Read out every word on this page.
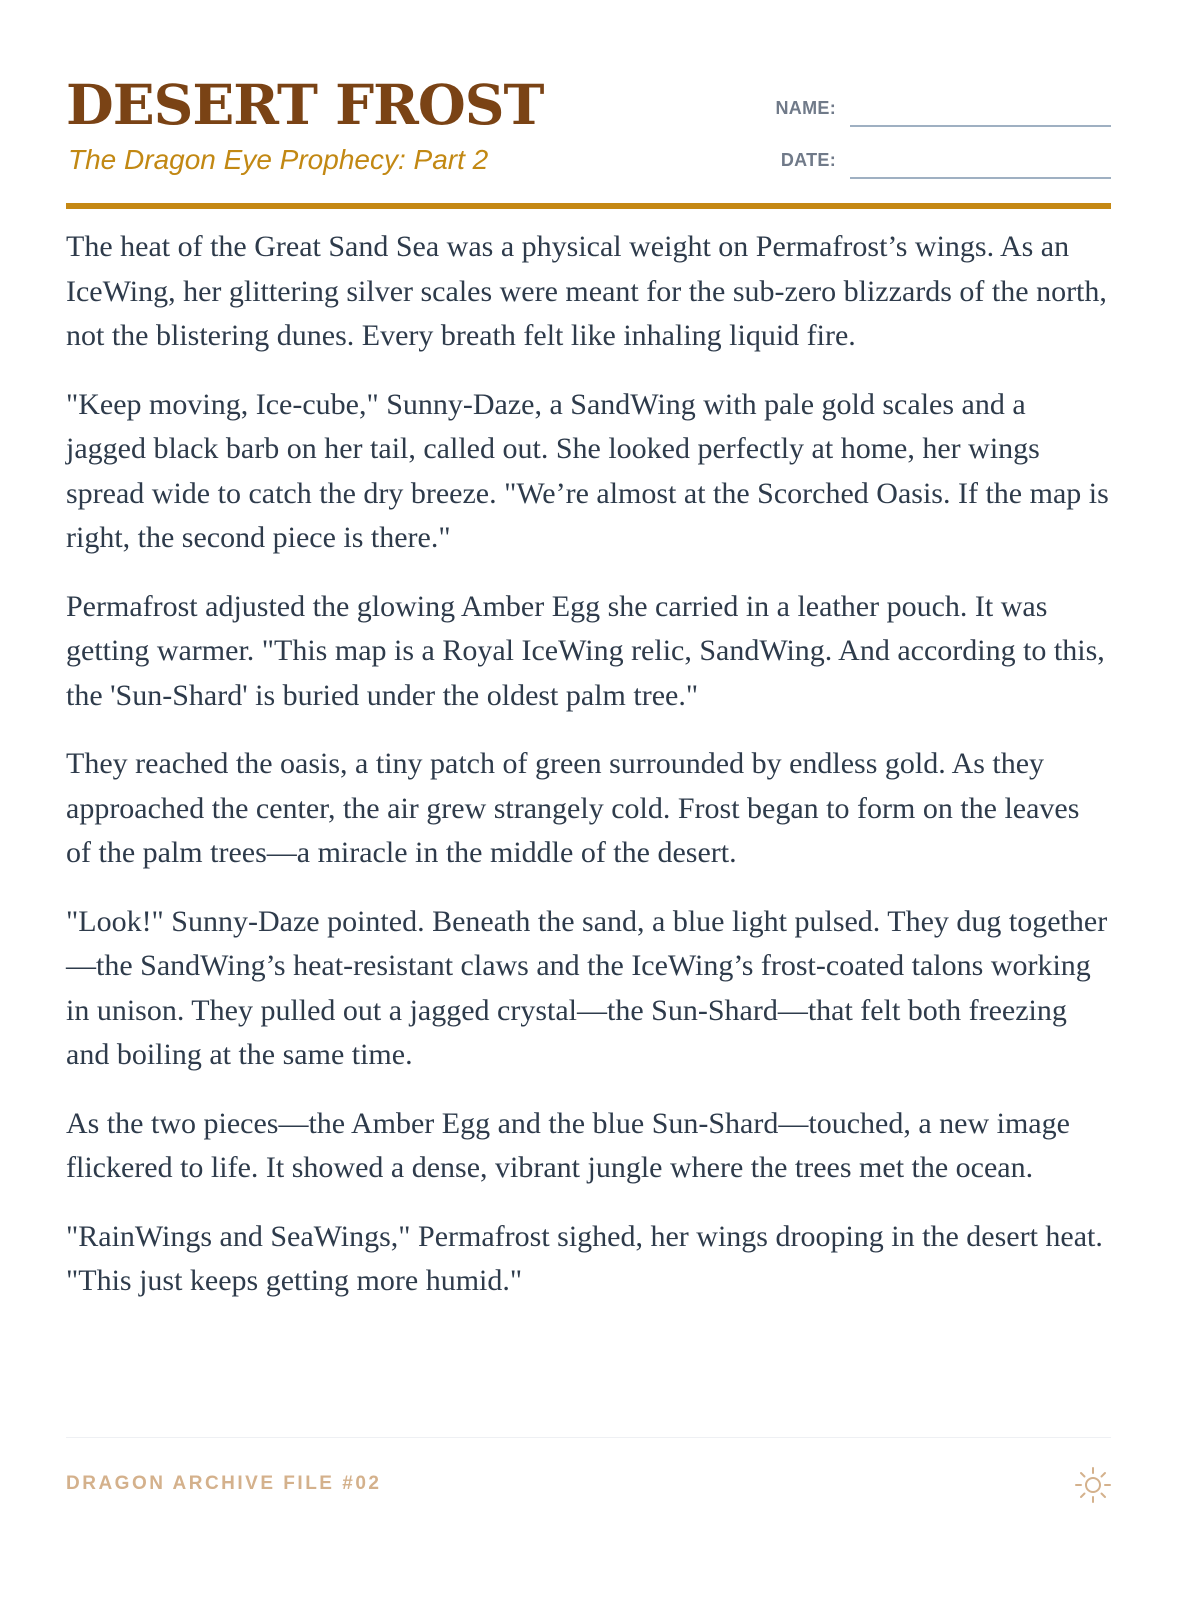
DESERT FROST
The Dragon Eye Prophecy: Part 2
NAME:
DATE:

The heat of the Great Sand Sea was a physical weight on Permafrost’s wings. As an IceWing, her glittering silver scales were meant for the sub-zero blizzards of the north, not the blistering dunes. Every breath felt like inhaling liquid fire.

"Keep moving, Ice-cube," Sunny-Daze, a SandWing with pale gold scales and a jagged black barb on her tail, called out. She looked perfectly at home, her wings spread wide to catch the dry breeze. "We’re almost at the Scorched Oasis. If the map is right, the second piece is there."

Permafrost adjusted the glowing Amber Egg she carried in a leather pouch. It was getting warmer. "This map is a Royal IceWing relic, SandWing. And according to this, the 'Sun-Shard' is buried under the oldest palm tree."

They reached the oasis, a tiny patch of green surrounded by endless gold. As they approached the center, the air grew strangely cold. Frost began to form on the leaves of the palm trees—a miracle in the middle of the desert.

"Look!" Sunny-Daze pointed. Beneath the sand, a blue light pulsed. They dug together—the SandWing’s heat-resistant claws and the IceWing’s frost-coated talons working in unison. They pulled out a jagged crystal—the Sun-Shard—that felt both freezing and boiling at the same time.

As the two pieces—the Amber Egg and the blue Sun-Shard—touched, a new image flickered to life. It showed a dense, vibrant jungle where the trees met the ocean.

"RainWings and SeaWings," Permafrost sighed, her wings drooping in the desert heat. "This just keeps getting more humid."

DRAGON ARCHIVE FILE #02
